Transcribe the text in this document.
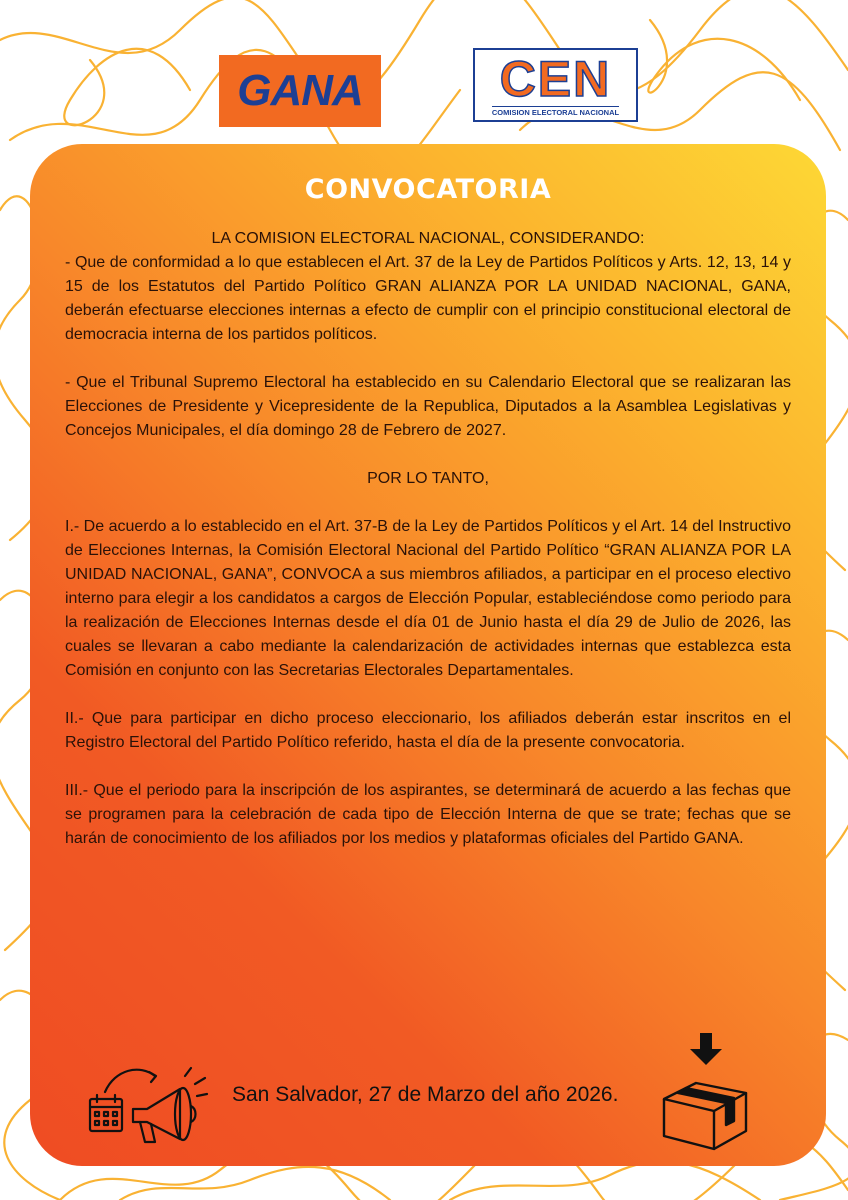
GANA	CEN
COMISION ELECTORAL NACIONAL
CONVOCATORIA

LA COMISION ELECTORAL NACIONAL, CONSIDERANDO:

- Que de conformidad a lo que establecen el Art. 37 de la Ley de Partidos Políticos y Arts. 12, 13, 14 y 15 de los Estatutos del Partido Político GRAN ALIANZA POR LA UNIDAD NACIONAL, GANA, deberán efectuarse elecciones internas a efecto de cumplir con el principio constitucional electoral de democracia interna de los partidos políticos.

- Que el Tribunal Supremo Electoral ha establecido en su Calendario Electoral que se realizaran las Elecciones de Presidente y Vicepresidente de la Republica, Diputados a la Asamblea Legislativas y Concejos Municipales, el día domingo 28 de Febrero de 2027.

POR LO TANTO,

I.- De acuerdo a lo establecido en el Art. 37-B de la Ley de Partidos Políticos y el Art. 14 del Instructivo de Elecciones Internas, la Comisión Electoral Nacional del Partido Político “GRAN ALIANZA POR LA UNIDAD NACIONAL, GANA”, CONVOCA a sus miembros afiliados, a participar en el proceso electivo interno para elegir a los candidatos a cargos de Elección Popular, estableciéndose como periodo para la realización de Elecciones Internas desde el día 01 de Junio hasta el día 29 de Julio de 2026, las cuales se llevaran a cabo mediante la calendarización de actividades internas que establezca esta Comisión en conjunto con las Secretarias Electorales Departamentales.

II.- Que para participar en dicho proceso eleccionario, los afiliados deberán estar inscritos en el Registro Electoral del Partido Político referido, hasta el día de la presente convocatoria.

III.- Que el periodo para la inscripción de los aspirantes, se determinará de acuerdo a las fechas que se programen para la celebración de cada tipo de Elección Interna de que se trate; fechas que se harán de conocimiento de los afiliados por los medios y plataformas oficiales del Partido GANA.

San Salvador, 27 de Marzo del año 2026.
